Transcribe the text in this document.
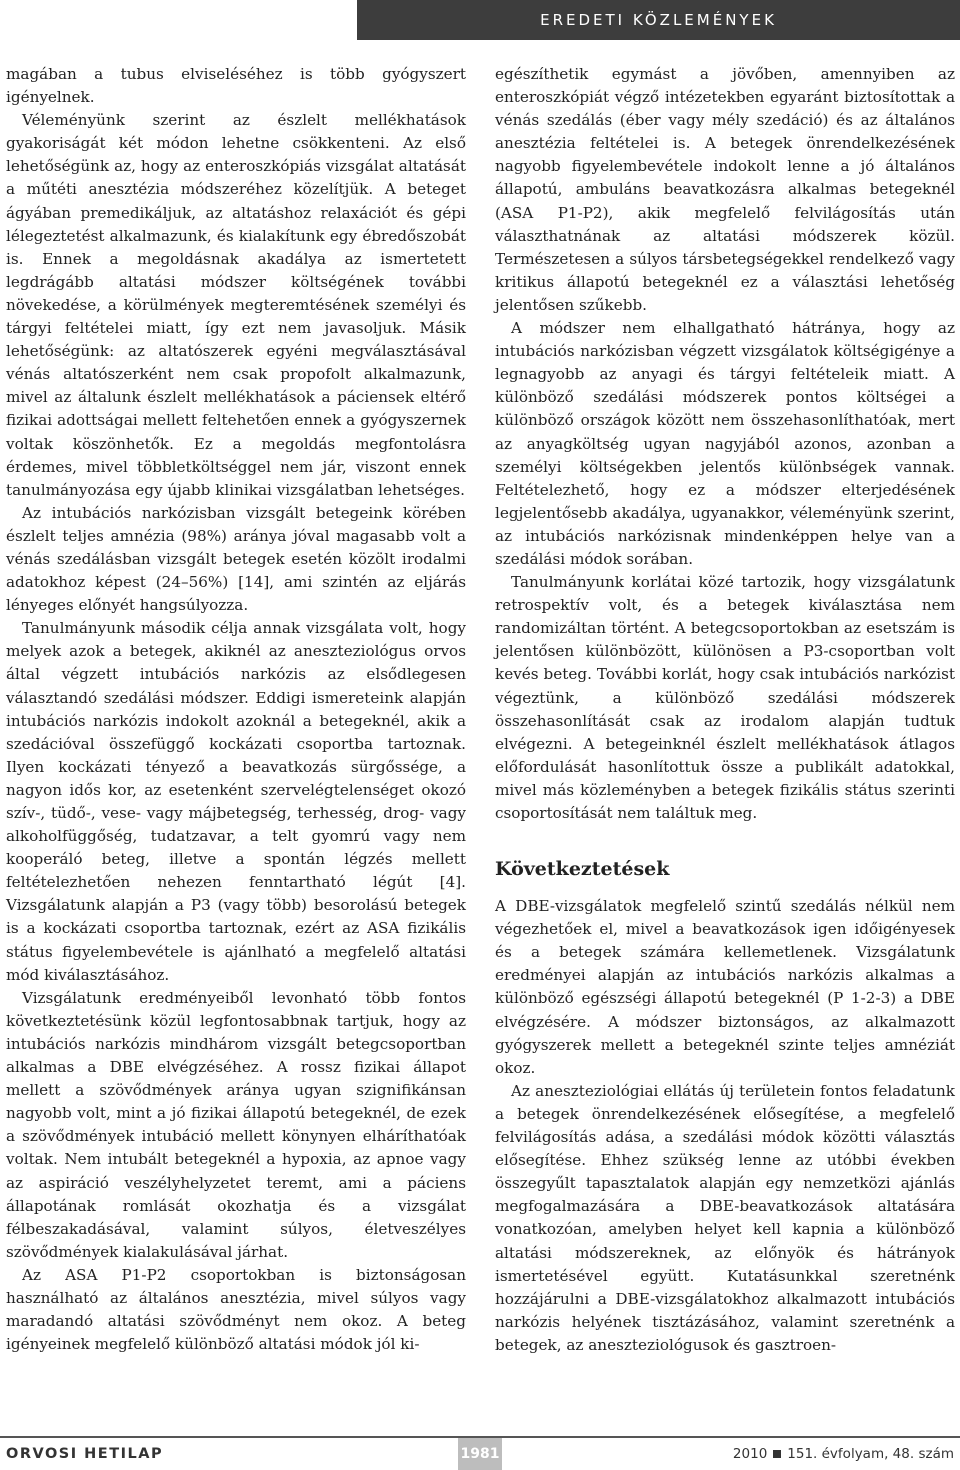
EREDETI KÖZLEMÉNYEK

magában a tubus elviseléséhez is több gyógyszert igényelnek.

Véleményünk szerint az észlelt mellékhatások gyakoriságát két módon lehetne csökkenteni. Az első lehetőségünk az, hogy az enteroszkópiás vizsgálat altatását a műtéti anesztézia módszeréhez közelítjük. A beteget ágyában premedikáljuk, az altatáshoz relaxációt és gépi lélegeztetést alkalmazunk, és kialakítunk egy ébredőszobát is. Ennek a megoldásnak akadálya az ismertetett legdrágább altatási módszer költségének további növekedése, a körülmények megteremtésének személyi és tárgyi feltételei miatt, így ezt nem javasoljuk. Másik lehetőségünk: az altatószerek egyéni megválasztásával vénás altatószerként nem csak propofolt alkalmazunk, mivel az általunk észlelt mellékhatások a páciensek eltérő fizikai adottságai mellett feltehetően ennek a gyógyszernek voltak köszönhetők. Ez a megoldás megfontolásra érdemes, mivel többletköltséggel nem jár, viszont ennek tanulmányozása egy újabb klinikai vizsgálatban lehetséges.

Az intubációs narkózisban vizsgált betegeink körében észlelt teljes amnézia (98%) aránya jóval magasabb volt a vénás szedálásban vizsgált betegek esetén közölt irodalmi adatokhoz képest (24–56%) [14], ami szintén az eljárás lényeges előnyét hangsúlyozza.

Tanulmányunk második célja annak vizsgálata volt, hogy melyek azok a betegek, akiknél az aneszteziológus orvos által végzett intubációs narkózis az elsődlegesen választandó szedálási módszer. Eddigi ismereteink alapján intubációs narkózis indokolt azoknál a betegeknél, akik a szedációval összefüggő kockázati csoportba tartoznak. Ilyen kockázati tényező a beavatkozás sürgőssége, a nagyon idős kor, az esetenként szervelégtelenséget okozó szív-, tüdő-, vese- vagy májbetegség, terhesség, drog- vagy alkoholfüggőség, tudatzavar, a telt gyomrú vagy nem kooperáló beteg, illetve a spontán légzés mellett feltételezhetően nehezen fenntartható légút [4]. Vizsgálatunk alapján a P3 (vagy több) besorolású betegek is a kockázati csoportba tartoznak, ezért az ASA fizikális státus figyelembevétele is ajánlható a megfelelő altatási mód kiválasztásához.

Vizsgálatunk eredményeiből levonható több fontos következtetésünk közül legfontosabbnak tartjuk, hogy az intubációs narkózis mindhárom vizsgált betegcsoportban alkalmas a DBE elvégzéséhez. A rossz fizikai állapot mellett a szövődmények aránya ugyan szignifikánsan nagyobb volt, mint a jó fizikai állapotú betegeknél, de ezek a szövődmények intubáció mellett könynyen elháríthatóak voltak. Nem intubált betegeknél a hypoxia, az apnoe vagy az aspiráció veszélyhelyzetet teremt, ami a páciens állapotának romlását okozhatja és a vizsgálat félbeszakadásával, valamint súlyos, életveszélyes szövődmények kialakulásával járhat.

Az ASA P1-P2 csoportokban is biztonságosan használható az általános anesztézia, mivel súlyos vagy maradandó altatási szövődményt nem okoz. A beteg igényeinek megfelelő különböző altatási módok jól ki-

egészíthetik egymást a jövőben, amennyiben az enteroszkópiát végző intézetekben egyaránt biztosítottak a vénás szedálás (éber vagy mély szedáció) és az általános anesztézia feltételei is. A betegek önrendelkezésének nagyobb figyelembevétele indokolt lenne a jó általános állapotú, ambuláns beavatkozásra alkalmas betegeknél (ASA P1-P2), akik megfelelő felvilágosítás után választhatnának az altatási módszerek közül. Természetesen a súlyos társbetegségekkel rendelkező vagy kritikus állapotú betegeknél ez a választási lehetőség jelentősen szűkebb.

A módszer nem elhallgatható hátránya, hogy az intubációs narkózisban végzett vizsgálatok költségigénye a legnagyobb az anyagi és tárgyi feltételeik miatt. A különböző szedálási módszerek pontos költségei a különböző országok között nem összehasonlíthatóak, mert az anyagköltség ugyan nagyjából azonos, azonban a személyi költségekben jelentős különbségek vannak. Feltételezhető, hogy ez a módszer elterjedésének legjelentősebb akadálya, ugyanakkor, véleményünk szerint, az intubációs narkózisnak mindenképpen helye van a szedálási módok sorában.

Tanulmányunk korlátai közé tartozik, hogy vizsgálatunk retrospektív volt, és a betegek kiválasztása nem randomizáltan történt. A betegcsoportokban az esetszám is jelentősen különbözött, különösen a P3-csoportban volt kevés beteg. További korlát, hogy csak intubációs narkózist végeztünk, a különböző szedálási módszerek összehasonlítását csak az irodalom alapján tudtuk elvégezni. A betegeinknél észlelt mellékhatások átlagos előfordulását hasonlítottuk össze a publikált adatokkal, mivel más közleményben a betegek fizikális státus szerinti csoportosítását nem találtuk meg.

Következtetések

A DBE-vizsgálatok megfelelő szintű szedálás nélkül nem végezhetőek el, mivel a beavatkozások igen időigényesek és a betegek számára kellemetlenek. Vizsgálatunk eredményei alapján az intubációs narkózis alkalmas a különböző egészségi állapotú betegeknél (P 1-2-3) a DBE elvégzésére. A módszer biztonságos, az alkalmazott gyógyszerek mellett a betegeknél szinte teljes amnéziát okoz.

Az aneszteziológiai ellátás új területein fontos feladatunk a betegek önrendelkezésének elősegítése, a megfelelő felvilágosítás adása, a szedálási módok közötti választás elősegítése. Ehhez szükség lenne az utóbbi években összegyűlt tapasztalatok alapján egy nemzetközi ajánlás megfogalmazására a DBE-beavatkozások altatására vonatkozóan, amelyben helyet kell kapnia a különböző altatási módszereknek, az előnyök és hátrányok ismertetésével együtt. Kutatásunkkal szeretnénk hozzájárulni a DBE-vizsgálatokhoz alkalmazott intubációs narkózis helyének tisztázásához, valamint szeretnénk a betegek, az aneszteziológusok és gasztroen-

ORVOSI HETILAP	1981	2010 151. évfolyam, 48. szám
